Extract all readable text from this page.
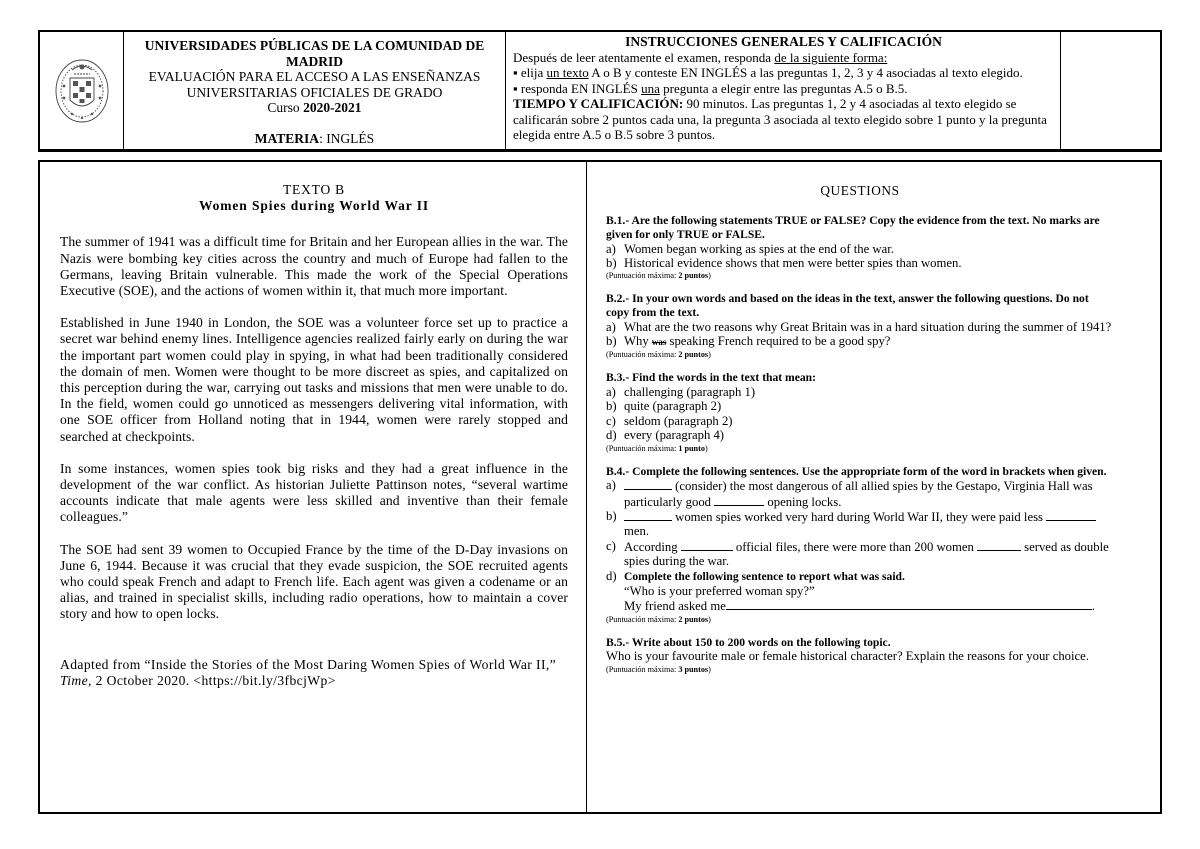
UNIVERSIDADES PÚBLICAS DE LA COMUNIDAD DE MADRID
EVALUACIÓN PARA EL ACCESO A LAS ENSEÑANZAS
UNIVERSITARIAS OFICIALES DE GRADO
Curso 2020-2021
MATERIA: INGLÉS
INSTRUCCIONES GENERALES Y CALIFICACIÓN
Después de leer atentamente el examen, responda de la siguiente forma:
▪ elija un texto A o B y conteste EN INGLÉS a las preguntas 1, 2, 3 y 4 asociadas al texto elegido.
▪ responda EN INGLÉS una pregunta a elegir entre las preguntas A.5 o B.5.
TIEMPO Y CALIFICACIÓN: 90 minutos. Las preguntas 1, 2 y 4 asociadas al texto elegido se calificarán sobre 2 puntos cada una, la pregunta 3 asociada al texto elegido sobre 1 punto y la pregunta elegida entre A.5 o B.5 sobre 3 puntos.
TEXTO B
Women Spies during World War II

The summer of 1941 was a difficult time for Britain and her European allies in the war. The Nazis were bombing key cities across the country and much of Europe had fallen to the Germans, leaving Britain vulnerable. This made the work of the Special Operations Executive (SOE), and the actions of women within it, that much more important.

Established in June 1940 in London, the SOE was a volunteer force set up to practice a secret war behind enemy lines. Intelligence agencies realized fairly early on during the war the important part women could play in spying, in what had been traditionally considered the domain of men. Women were thought to be more discreet as spies, and capitalized on this perception during the war, carrying out tasks and missions that men were unable to do. In the field, women could go unnoticed as messengers delivering vital information, with one SOE officer from Holland noting that in 1944, women were rarely stopped and searched at checkpoints.

In some instances, women spies took big risks and they had a great influence in the development of the war conflict. As historian Juliette Pattinson notes, “several wartime accounts indicate that male agents were less skilled and inventive than their female colleagues.”

The SOE had sent 39 women to Occupied France by the time of the D-Day invasions on June 6, 1944. Because it was crucial that they evade suspicion, the SOE recruited agents who could speak French and adapt to French life. Each agent was given a codename or an alias, and trained in specialist skills, including radio operations, how to maintain a cover story and how to open locks.

Adapted from “Inside the Stories of the Most Daring Women Spies of World War II,” Time, 2 October 2020. <https://bit.ly/3fbcjWp>

QUESTIONS
B.1.- Are the following statements TRUE or FALSE? Copy the evidence from the text. No marks are given for only TRUE or FALSE.
a) Women began working as spies at the end of the war.
b) Historical evidence shows that men were better spies than women.
(Puntuación máxima: 2 puntos)
B.2.- In your own words and based on the ideas in the text, answer the following questions. Do not copy from the text.
a) What are the two reasons why Great Britain was in a hard situation during the summer of 1941?
b) Why was speaking French required to be a good spy?
(Puntuación máxima: 2 puntos)
B.3.- Find the words in the text that mean:
a) challenging (paragraph 1)
b) quite (paragraph 2)
c) seldom (paragraph 2)
d) every (paragraph 4)
(Puntuación máxima: 1 punto)
B.4.- Complete the following sentences. Use the appropriate form of the word in brackets when given.
a)	(consider) the most dangerous of all allied spies by the Gestapo, Virginia Hall was particularly good	opening locks.
b)	women spies worked very hard during World War II, they were paid less  men.
c) According	official files, there were more than 200 women	served as double spies during the war.
d) Complete the following sentence to report what was said.
“Who is your preferred woman spy?”
My friend asked me	.
(Puntuación máxima: 2 puntos)
B.5.- Write about 150 to 200 words on the following topic.
Who is your favourite male or female historical character? Explain the reasons for your choice.
(Puntuación máxima: 3 puntos)
